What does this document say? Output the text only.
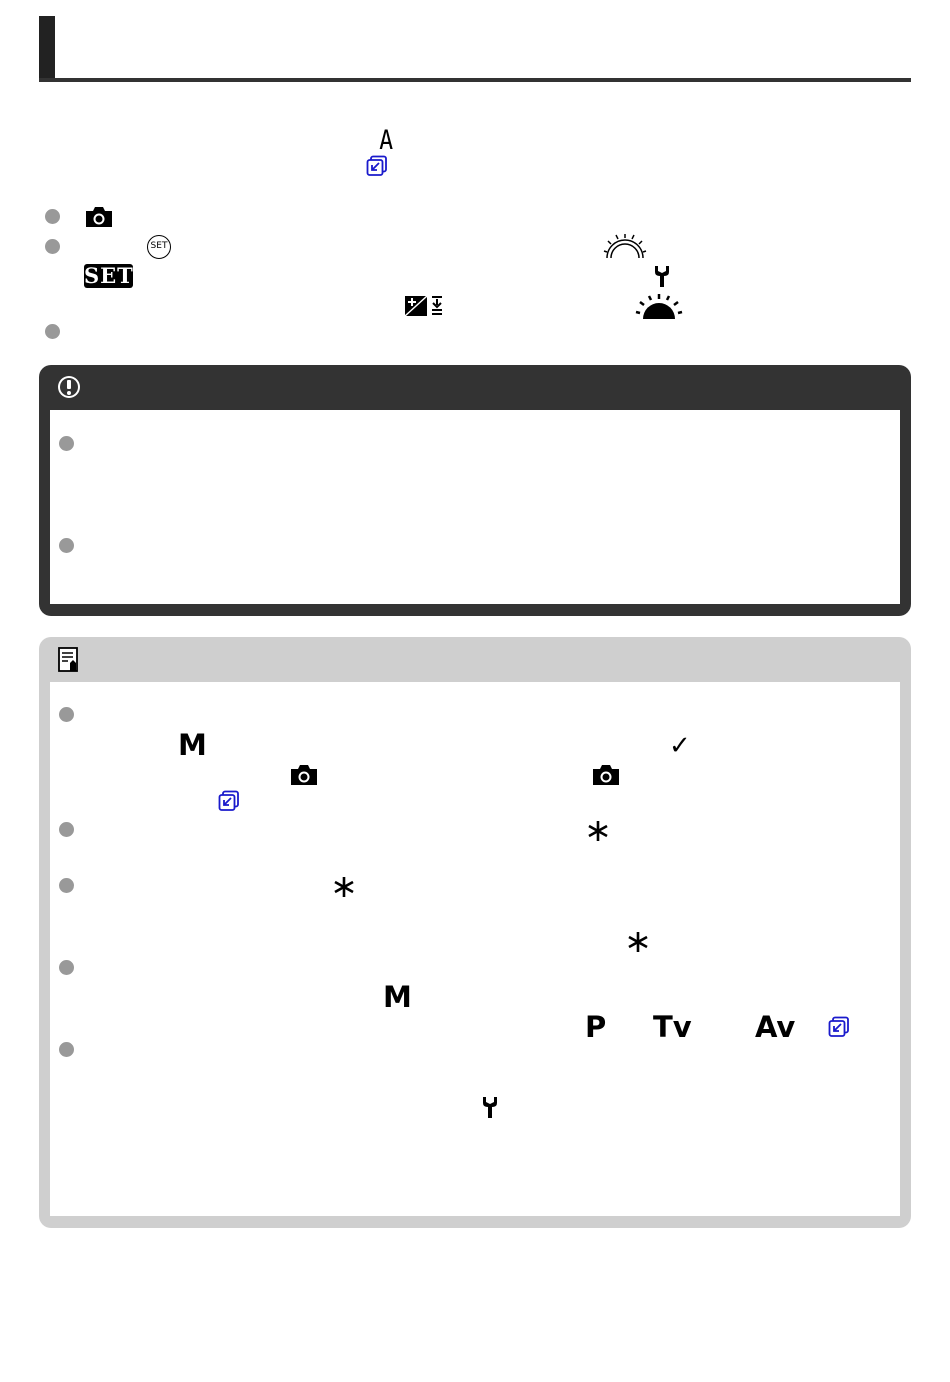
A
SET
SET
M	✓
M
P Tv Av
